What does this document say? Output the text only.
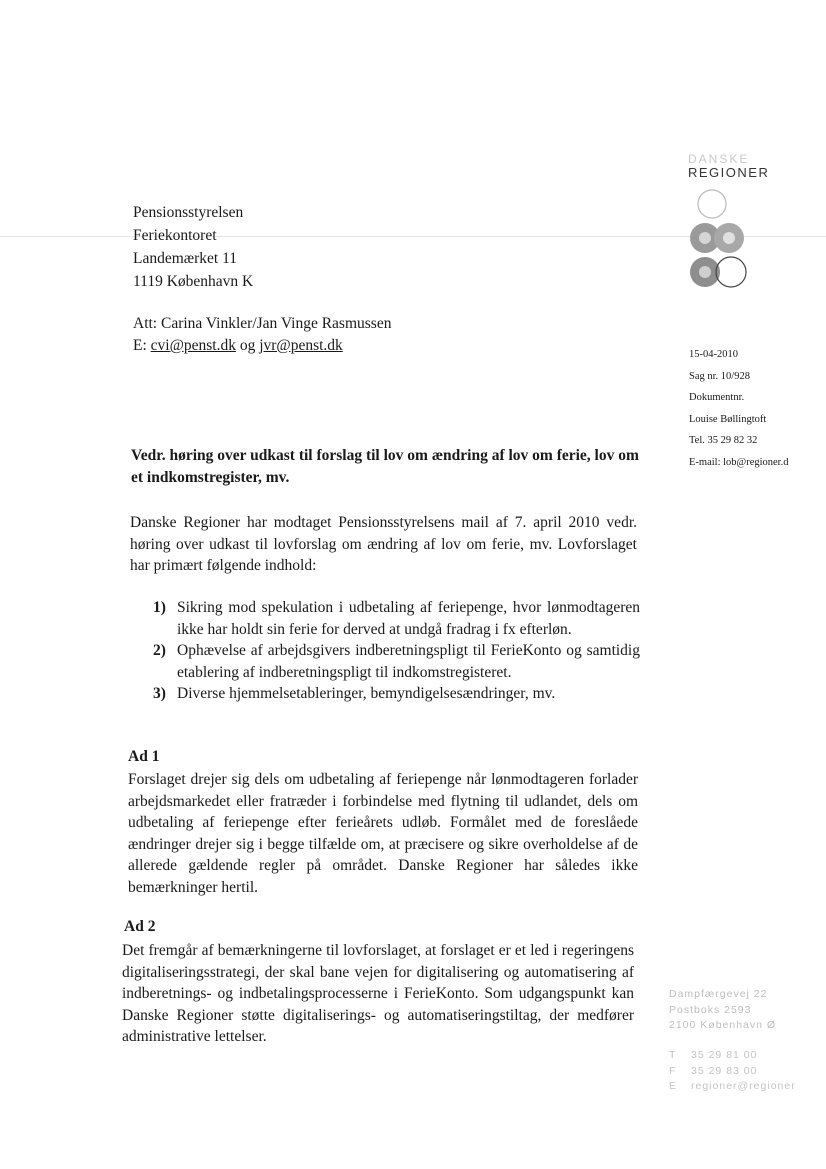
DANSKE
REGIONER
Pensionsstyrelsen
Feriekontoret
Landemærket 11
1119 København K
Att: Carina Vinkler/Jan Vinge Rasmussen
E: cvi@penst.dk og jvr@penst.dk
15-04-2010
Sag nr. 10/928
Dokumentnr.
Louise Bøllingtoft
Tel. 35 29 82 32
E-mail: lob@regioner.d
Vedr. høring over udkast til forslag til lov om ændring af lov om ferie, lov om et indkomstregister, mv.
Danske Regioner har modtaget Pensionsstyrelsens mail af 7. april 2010 vedr. høring over udkast til lovforslag om ændring af lov om ferie, mv. Lovforslaget har primært følgende indhold:
1) Sikring mod spekulation i udbetaling af feriepenge, hvor lønmodtageren ikke har holdt sin ferie for derved at undgå fradrag i fx efterløn.
2) Ophævelse af arbejdsgivers indberetningspligt til FerieKonto og samtidig etablering af indberetningspligt til indkomstregisteret.
3) Diverse hjemmelsetableringer, bemyndigelsesændringer, mv.
Ad 1
Forslaget drejer sig dels om udbetaling af feriepenge når lønmodtageren forlader arbejdsmarkedet eller fratræder i forbindelse med flytning til udlandet, dels om udbetaling af feriepenge efter ferieårets udløb. Formålet med de foreslåede ændringer drejer sig i begge tilfælde om, at præcisere og sikre overholdelse af de allerede gældende regler på området. Danske Regioner har således ikke bemærkninger hertil.
Ad 2
Det fremgår af bemærkningerne til lovforslaget, at forslaget er et led i regeringens digitaliseringsstrategi, der skal bane vejen for digitalisering og automatisering af indberetnings- og indbetalingsprocesserne i FerieKonto. Som udgangspunkt kan Danske Regioner støtte digitaliserings- og automatiseringstiltag, der medfører administrative lettelser.
Dampfærgevej 22
Postboks 2593
2100 København Ø
T 35 29 81 00
F 35 29 83 00
E regioner@regioner
